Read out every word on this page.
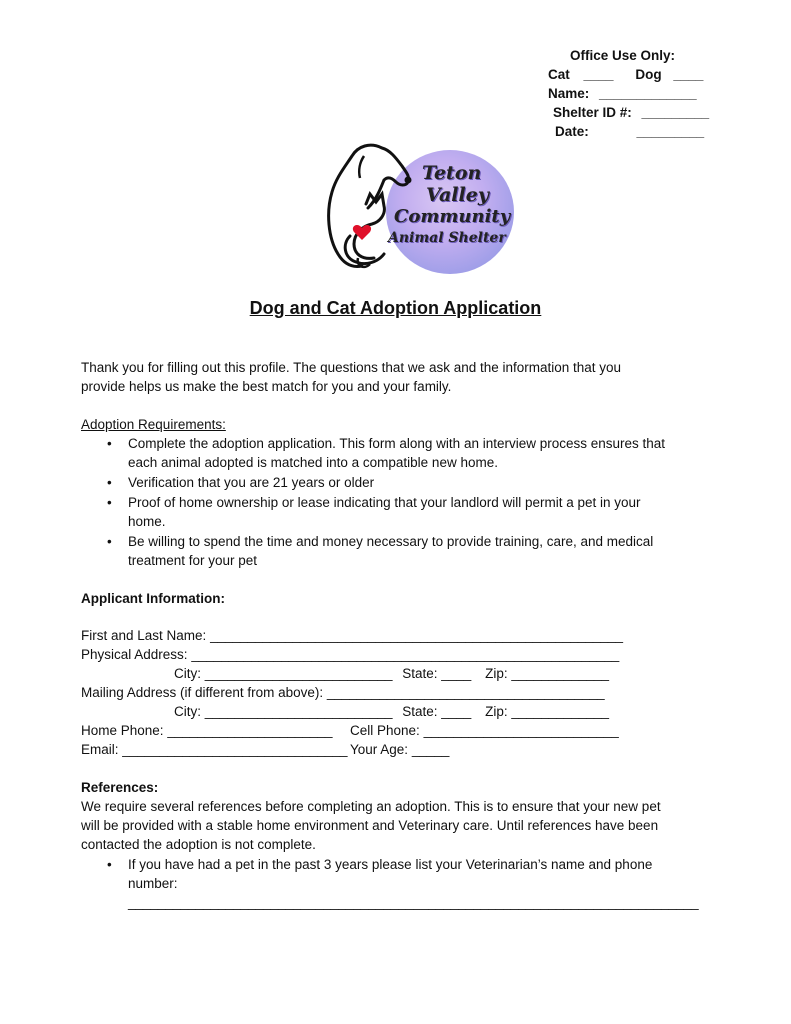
Office Use Only:
Cat ____ Dog ____
Name: _____________
Shelter ID #: _________
Date:	_________
Teton
Valley
Community
Animal Shelter
Dog and Cat Adoption Application
Thank you for filling out this profile. The questions that we ask and the information that you
provide helps us make the best match for you and your family.
Adoption Requirements:
• Complete the adoption application. This form along with an interview process ensures that
each animal adopted is matched into a compatible new home.
• Verification that you are 21 years or older
• Proof of home ownership or lease indicating that your landlord will permit a pet in your
home.
• Be willing to spend the time and money necessary to provide training, care, and medical
treatment for your pet
Applicant Information:
First and Last Name: _______________________________________________________
Physical Address: _________________________________________________________
City: _________________________ State: ____ Zip: _____________
Mailing Address (if different from above): _____________________________________
City: _________________________ State: ____ Zip: _____________
Home Phone: ______________________ Cell Phone: __________________________
Email: ______________________________ Your Age: _____
References:
We require several references before completing an adoption. This is to ensure that your new pet
will be provided with a stable home environment and Veterinary care. Until references have been
contacted the adoption is not complete.
• If you have had a pet in the past 3 years please list your Veterinarian’s name and phone
number:
____________________________________________________________________________
